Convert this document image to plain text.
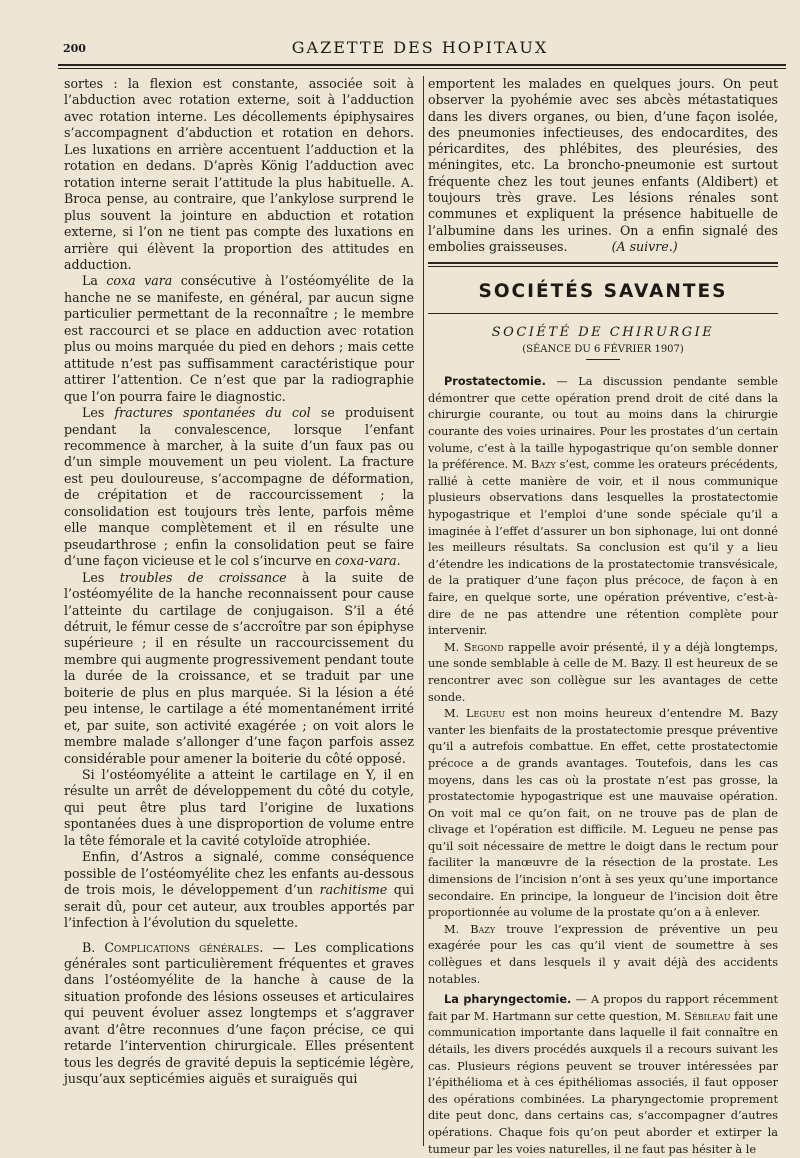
200	GAZETTE DES HOPITAUX

sortes : la flexion est constante, associée soit à l’abduction avec rotation externe, soit à l’adduction avec rotation interne. Les décollements épiphysaires s’accompagnent d’abduction et rotation en dehors. Les luxations en arrière accentuent l’adduction et la rotation en dedans. D’après König l’adduction avec rotation interne serait l’attitude la plus habituelle. A. Broca pense, au contraire, que l’ankylose surprend le plus souvent la jointure en abduction et rotation externe, si l’on ne tient pas compte des luxations en arrière qui élèvent la proportion des attitudes en adduction.

La coxa vara consécutive à l’ostéomyélite de la hanche ne se manifeste, en général, par aucun signe particulier permettant de la reconnaître ; le membre est raccourci et se place en adduction avec rotation plus ou moins marquée du pied en dehors ; mais cette attitude n’est pas suffisamment caractéristique pour attirer l’attention. Ce n’est que par la radiographie que l’on pourra faire le diagnostic.

Les fractures spontanées du col se produisent pendant la convalescence, lorsque l’enfant recommence à marcher, à la suite d’un faux pas ou d’un simple mouvement un peu violent. La fracture est peu douloureuse, s’accompagne de déformation, de crépitation et de raccourcissement ; la consolidation est toujours très lente, parfois même elle manque complètement et il en résulte une pseudarthrose ; enfin la consolidation peut se faire d’une façon vicieuse et le col s’incurve en coxa-vara.

Les troubles de croissance à la suite de l’ostéomyélite de la hanche reconnaissent pour cause l’atteinte du cartilage de conjugaison. S’il a été détruit, le fémur cesse de s’accroître par son épiphyse supérieure ; il en résulte un raccourcissement du membre qui augmente progressivement pendant toute la durée de la croissance, et se traduit par une boiterie de plus en plus marquée. Si la lésion a été peu intense, le cartilage a été momentanément irrité et, par suite, son activité exagérée ; on voit alors le membre malade s’allonger d’une façon parfois assez considérable pour amener la boiterie du côté opposé.

Si l’ostéomyélite a atteint le cartilage en Y, il en résulte un arrêt de développement du côté du cotyle, qui peut être plus tard l’origine de luxations spontanées dues à une disproportion de volume entre la tête fémorale et la cavité cotyloïde atrophiée.

Enfin, d’Astros a signalé, comme conséquence possible de l’ostéomyélite chez les enfants au-dessous de trois mois, le développement d’un rachitisme qui serait dû, pour cet auteur, aux troubles apportés par l’infection à l’évolution du squelette.

B. Complications générales. — Les complications générales sont particulièrement fréquentes et graves dans l’ostéomyélite de la hanche à cause de la situation profonde des lésions osseuses et articulaires qui peuvent évoluer assez longtemps et s’aggraver avant d’être reconnues d’une façon précise, ce qui retarde l’intervention chirurgicale. Elles présentent tous les degrés de gravité depuis la septicémie légère, jusqu’aux septicémies aiguës et suraiguës qui

emportent les malades en quelques jours. On peut observer la pyohémie avec ses abcès métastatiques dans les divers organes, ou bien, d’une façon isolée, des pneumonies infectieuses, des endocardites, des péricardites, des phlébites, des pleurésies, des méningites, etc. La broncho-pneumonie est surtout fréquente chez les tout jeunes enfants (Aldibert) et toujours très grave. Les lésions rénales sont communes et expliquent la présence habituelle de l’albumine dans les urines. On a enfin signalé des embolies graisseuses.	(A suivre.)

SOCIÉTÉS SAVANTES
SOCIÉTÉ DE CHIRURGIE
(SÉANCE DU 6 FÉVRIER 1907)

Prostatectomie. — La discussion pendante semble démontrer que cette opération prend droit de cité dans la chirurgie courante, ou tout au moins dans la chirurgie courante des voies urinaires. Pour les prostates d’un certain volume, c’est à la taille hypogastrique qu’on semble donner la préférence. M. Bazy s’est, comme les orateurs précédents, rallié à cette manière de voir, et il nous communique plusieurs observations dans lesquelles la prostatectomie hypogastrique et l’emploi d’une sonde spéciale qu’il a imaginée à l’effet d’assurer un bon siphonage, lui ont donné les meilleurs résultats. Sa conclusion est qu’il y a lieu d’étendre les indications de la prostatectomie transvésicale, de la pratiquer d’une façon plus précoce, de façon à en faire, en quelque sorte, une opération préventive, c’est-à-dire de ne pas attendre une rétention complète pour intervenir.

M. Segond rappelle avoir présenté, il y a déjà longtemps, une sonde semblable à celle de M. Bazy. Il est heureux de se rencontrer avec son collègue sur les avantages de cette sonde.

M. Legueu est non moins heureux d’entendre M. Bazy vanter les bienfaits de la prostatectomie presque préventive qu’il a autrefois combattue. En effet, cette prostatectomie précoce a de grands avantages. Toutefois, dans les cas moyens, dans les cas où la prostate n’est pas grosse, la prostatectomie hypogastrique est une mauvaise opération. On voit mal ce qu’on fait, on ne trouve pas de plan de clivage et l’opération est difficile. M. Legueu ne pense pas qu’il soit nécessaire de mettre le doigt dans le rectum pour faciliter la manœuvre de la résection de la prostate. Les dimensions de l’incision n’ont à ses yeux qu’une importance secondaire. En principe, la longueur de l’incision doit être proportionnée au volume de la prostate qu’on a à enlever.

M. Bazy trouve l’expression de préventive un peu exagérée pour les cas qu’il vient de soumettre à ses collègues et dans lesquels il y avait déjà des accidents notables.

La pharyngectomie. — A propos du rapport récemment fait par M. Hartmann sur cette question, M. Sébileau fait une communication importante dans laquelle il fait connaître en détails, les divers procédés auxquels il a recours suivant les cas. Plusieurs régions peuvent se trouver intéressées par l’épithélioma et à ces épithéliomas associés, il faut opposer des opérations combinées. La pharyngectomie proprement dite peut donc, dans certains cas, s’accompagner d’autres opérations. Chaque fois qu’on peut aborder et extirper la tumeur par les voies naturelles, il ne faut pas hésiter à le
